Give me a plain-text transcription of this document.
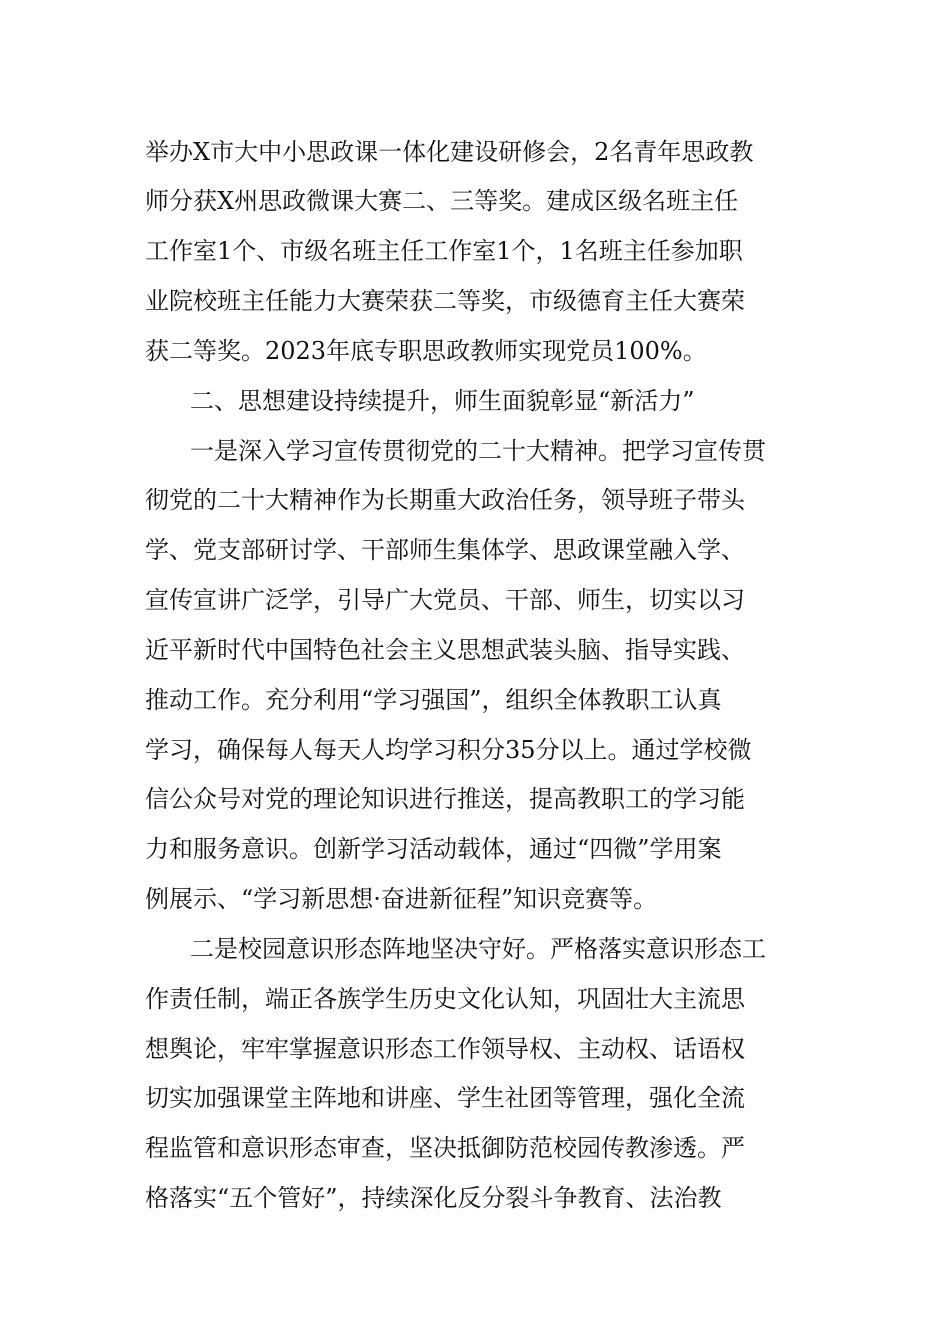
举办X市大中小思政课一体化建设研修会，2名青年思政教
师分获X州思政微课大赛二、三等奖。建成区级名班主任
工作室1个、市级名班主任工作室1个，1名班主任参加职
业院校班主任能力大赛荣获二等奖，市级德育主任大赛荣
获二等奖。2023年底专职思政教师实现党员100%。
二、思想建设持续提升，师生面貌彰显“新活力”
一是深入学习宣传贯彻党的二十大精神。把学习宣传贯
彻党的二十大精神作为长期重大政治任务，领导班子带头
学、党支部研讨学、干部师生集体学、思政课堂融入学、
宣传宣讲广泛学，引导广大党员、干部、师生，切实以习
近平新时代中国特色社会主义思想武装头脑、指导实践、
推动工作。充分利用“学习强国”，组织全体教职工认真
学习，确保每人每天人均学习积分35分以上。通过学校微
信公众号对党的理论知识进行推送，提高教职工的学习能
力和服务意识。创新学习活动载体，通过“四微”学用案
例展示、“学习新思想·奋进新征程”知识竞赛等。
二是校园意识形态阵地坚决守好。严格落实意识形态工
作责任制，端正各族学生历史文化认知，巩固壮大主流思
想舆论，牢牢掌握意识形态工作领导权、主动权、话语权
切实加强课堂主阵地和讲座、学生社团等管理，强化全流
程监管和意识形态审查，坚决抵御防范校园传教渗透。严
格落实“五个管好”，持续深化反分裂斗争教育、法治教
